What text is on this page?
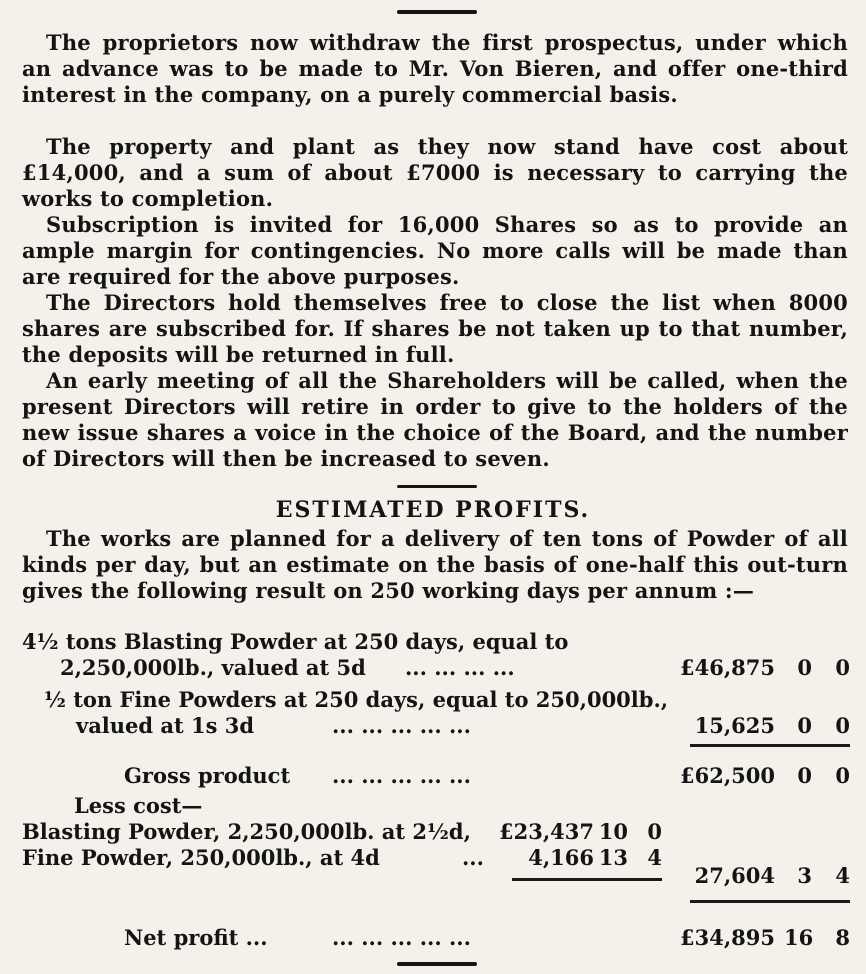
The proprietors now withdraw the first prospectus, under which an advance was to be made to Mr. Von Bieren, and offer one-third interest in the company, on a purely commercial basis.

The property and plant as they now stand have cost about £14,000, and a sum of about £7000 is necessary to carrying the works to completion.

Subscription is invited for 16,000 Shares so as to provide an ample margin for contingencies. No more calls will be made than are required for the above purposes.

The Directors hold themselves free to close the list when 8000 shares are subscribed for. If shares be not taken up to that number, the deposits will be returned in full.

An early meeting of all the Shareholders will be called, when the present Directors will retire in order to give to the holders of the new issue shares a voice in the choice of the Board, and the number of Directors will then be increased to seven.

ESTIMATED PROFITS.

The works are planned for a delivery of ten tons of Powder of all kinds per day, but an estimate on the basis of one-half this out-turn gives the following result on 250 working days per annum :—

4½ tons Blasting Powder at 250 days, equal to
2,250,000lb., valued at 5d ... ... ... ...	£46,875	0	0
½ ton Fine Powders at 250 days, equal to 250,000lb.,
valued at 1s 3d	... ... ... ... ...	15,625	0	0
Gross product ... ... ... ... ...	£62,500	0	0
Less cost—
Blasting Powder, 2,250,000lb. at 2½d,	£23,437 10 0
Fine Powder, 250,000lb., at 4d	...	4,166 13 4
27,604	3	4
Net profit ...	... ... ... ... ...	£34,895 16	8
